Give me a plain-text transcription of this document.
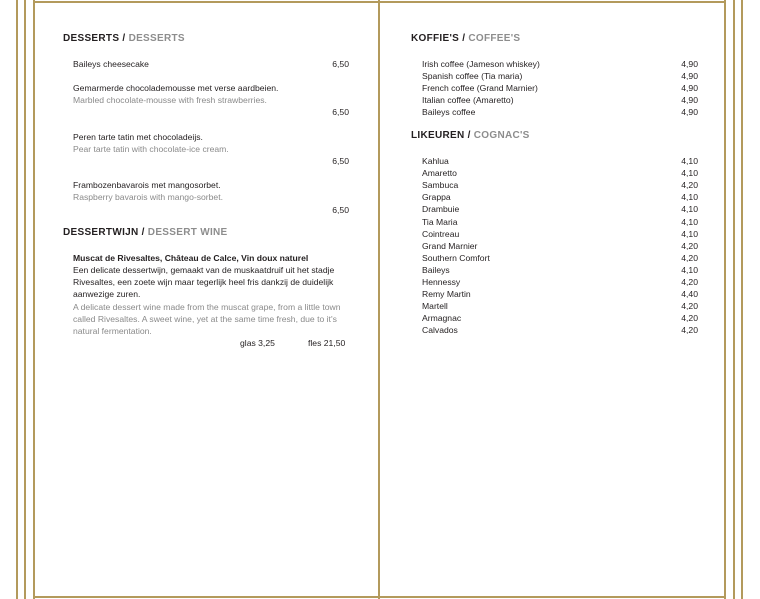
DESSERTS / DESSERTS
Baileys cheesecake	6,50
Gemarmerde chocolademousse met verse aardbeien.
Marbled chocolate-mousse with fresh strawberries.
6,50
Peren tarte tatin met chocoladeijs.
Pear tarte tatin with chocolate-ice cream.
6,50
Frambozenbavarois met mangosorbet.
Raspberry bavarois with mango-sorbet.
6,50
DESSERTWIJN / DESSERT WINE
Muscat de Rivesaltes, Château de Calce, Vin doux naturel
Een delicate dessertwijn, gemaakt van de muskaatdruif uit het stadje
Rivesaltes, een zoete wijn maar tegerlijk heel fris dankzij de duidelijk
aanwezige zuren.
A delicate dessert wine made from the muscat grape, from a little town
called Rivesaltes. A sweet wine, yet at the same time fresh, due to it's
natural fermentation.
glas 3,25	fles 21,50
KOFFIE'S / COFFEE'S
Irish coffee (Jameson whiskey)	4,90
Spanish coffee (Tia maria)	4,90
French coffee (Grand Marnier)	4,90
Italian coffee (Amaretto)	4,90
Baileys coffee	4,90
LIKEUREN / COGNAC'S
Kahlua	4,10
Amaretto	4,10
Sambuca	4,20
Grappa	4,10
Drambuie	4,10
Tia Maria	4,10
Cointreau	4,10
Grand Marnier	4,20
Southern Comfort	4,20
Baileys	4,10
Hennessy	4,20
Remy Martin	4,40
Martell	4,20
Armagnac	4,20
Calvados	4,20
